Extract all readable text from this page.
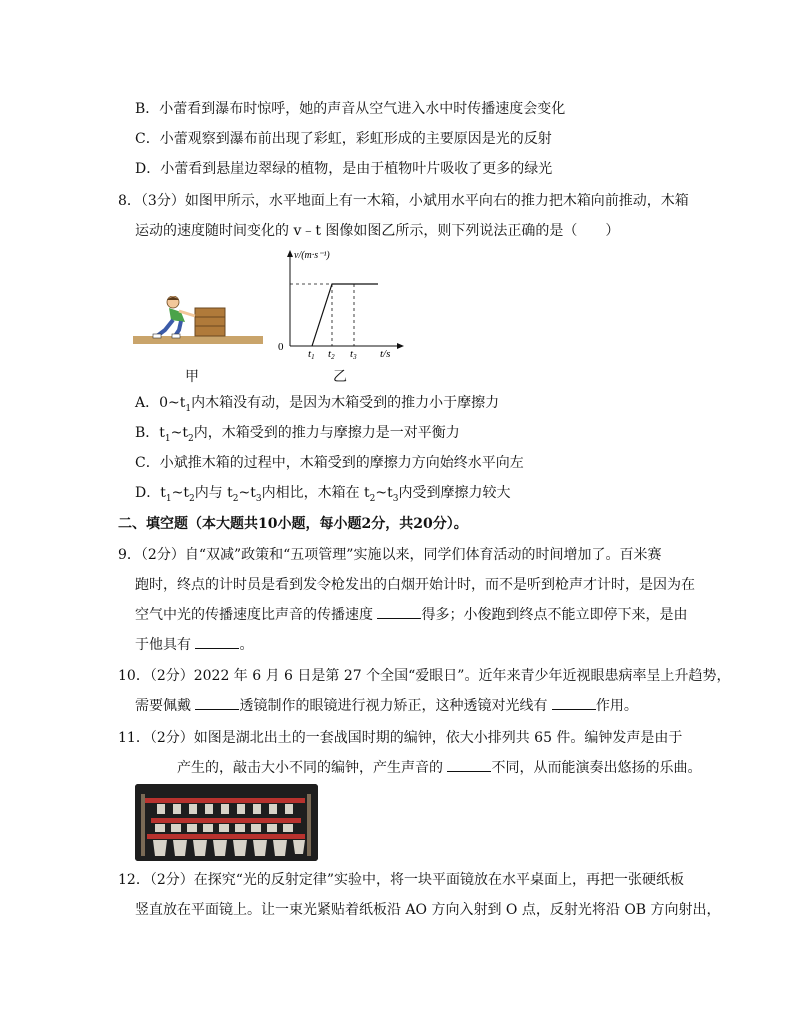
B．小蕾看到瀑布时惊呼，她的声音从空气进入水中时传播速度会变化
C．小蕾观察到瀑布前出现了彩虹，彩虹形成的主要原因是光的反射
D．小蕾看到悬崖边翠绿的植物，是由于植物叶片吸收了更多的绿光
8．（3分）如图甲所示，水平地面上有一木箱，小斌用水平向右的推力把木箱向前推动，木箱
运动的速度随时间变化的 v﹣t 图像如图乙所示，则下列说法正确的是（　　）
甲
v/(m·s⁻¹)
0
t1 t2 t3 t/s
乙
A．$0\sim t_1$内木箱没有动，是因为木箱受到的推力小于摩擦力
B．$t_1\sim t_2$内，木箱受到的推力与摩擦力是一对平衡力
C．小斌推木箱的过程中，木箱受到的摩擦力方向始终水平向左
D．$t_1\sim t_2$内与 $t_2\sim t_3$内相比，木箱在 $t_2\sim t_3$内受到摩擦力较大
二、填空题（本大题共10小题，每小题2分，共20分）。
9．（2分）自“双减”政策和“五项管理”实施以来，同学们体育活动的时间增加了。百米赛
跑时，终点的计时员是看到发令枪发出的白烟开始计时，而不是听到枪声才计时，是因为在
空气中光的传播速度比声音的传播速度	得多；小俊跑到终点不能立即停下来，是由
于他具有	。
10．（2分）2022 年 6 月 6 日是第 27 个全国“爱眼日”。近年来青少年近视眼患病率呈上升趋势，
需要佩戴	透镜制作的眼镜进行视力矫正，这种透镜对光线有	作用。
11．（2分）如图是湖北出土的一套战国时期的编钟，依大小排列共 65 件。编钟发声是由于
产生的，敲击大小不同的编钟，产生声音的	不同，从而能演奏出悠扬的乐曲。
12．（2分）在探究“光的反射定律”实验中，将一块平面镜放在水平桌面上，再把一张硬纸板
竖直放在平面镜上。让一束光紧贴着纸板沿 AO 方向入射到 O 点，反射光将沿 OB 方向射出，
